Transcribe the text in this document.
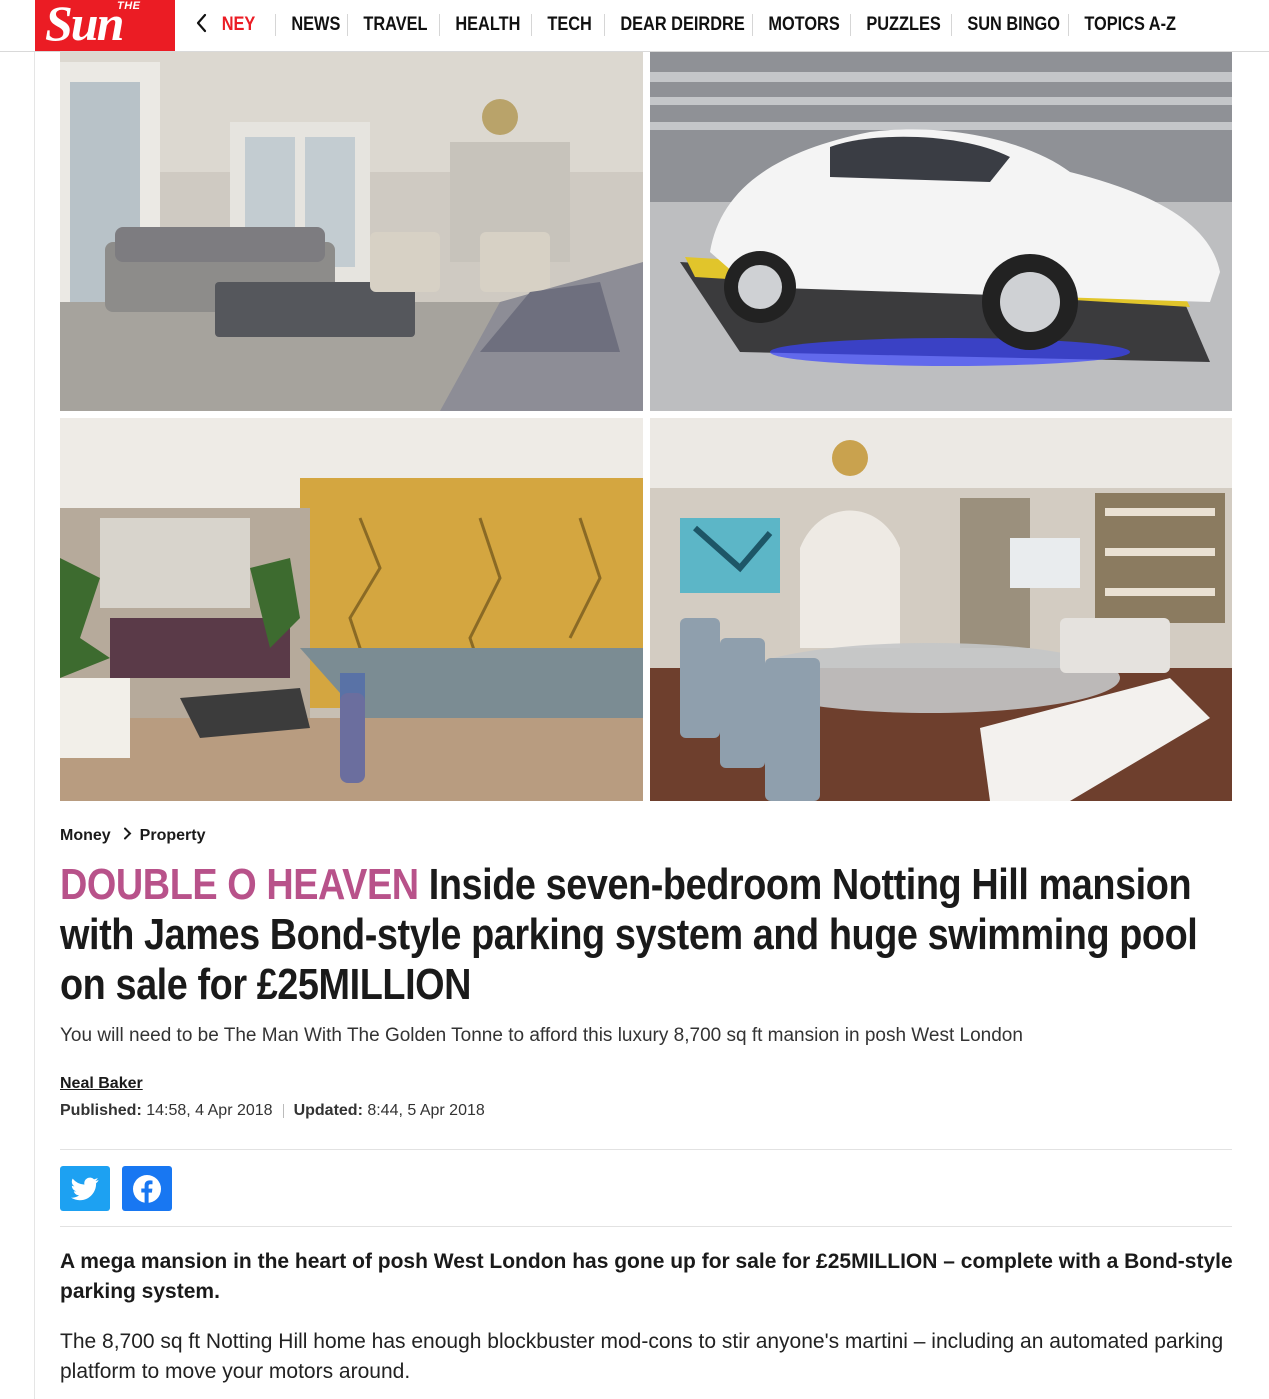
THE
Sun	NEY	NEWS	TRAVEL	HEALTH	TECH	DEAR DEIRDRE	MOTORS	PUZZLES	SUN BINGO	TOPICS A-Z
Money Property
DOUBLE O HEAVEN Inside seven-bedroom Notting Hill mansion with James Bond-style parking system and huge swimming pool on sale for £25MILLION

You will need to be The Man With The Golden Tonne to afford this luxury 8,700 sq ft mansion in posh West London

Neal Baker
Published: 14:58, 4 Apr 2018 Updated: 8:44, 5 Apr 2018

A mega mansion in the heart of posh West London has gone up for sale for £25MILLION – complete with a Bond-style parking system.

The 8,700 sq ft Notting Hill home has enough blockbuster mod-cons to stir anyone's martini – including an automated parking platform to move your motors around.
